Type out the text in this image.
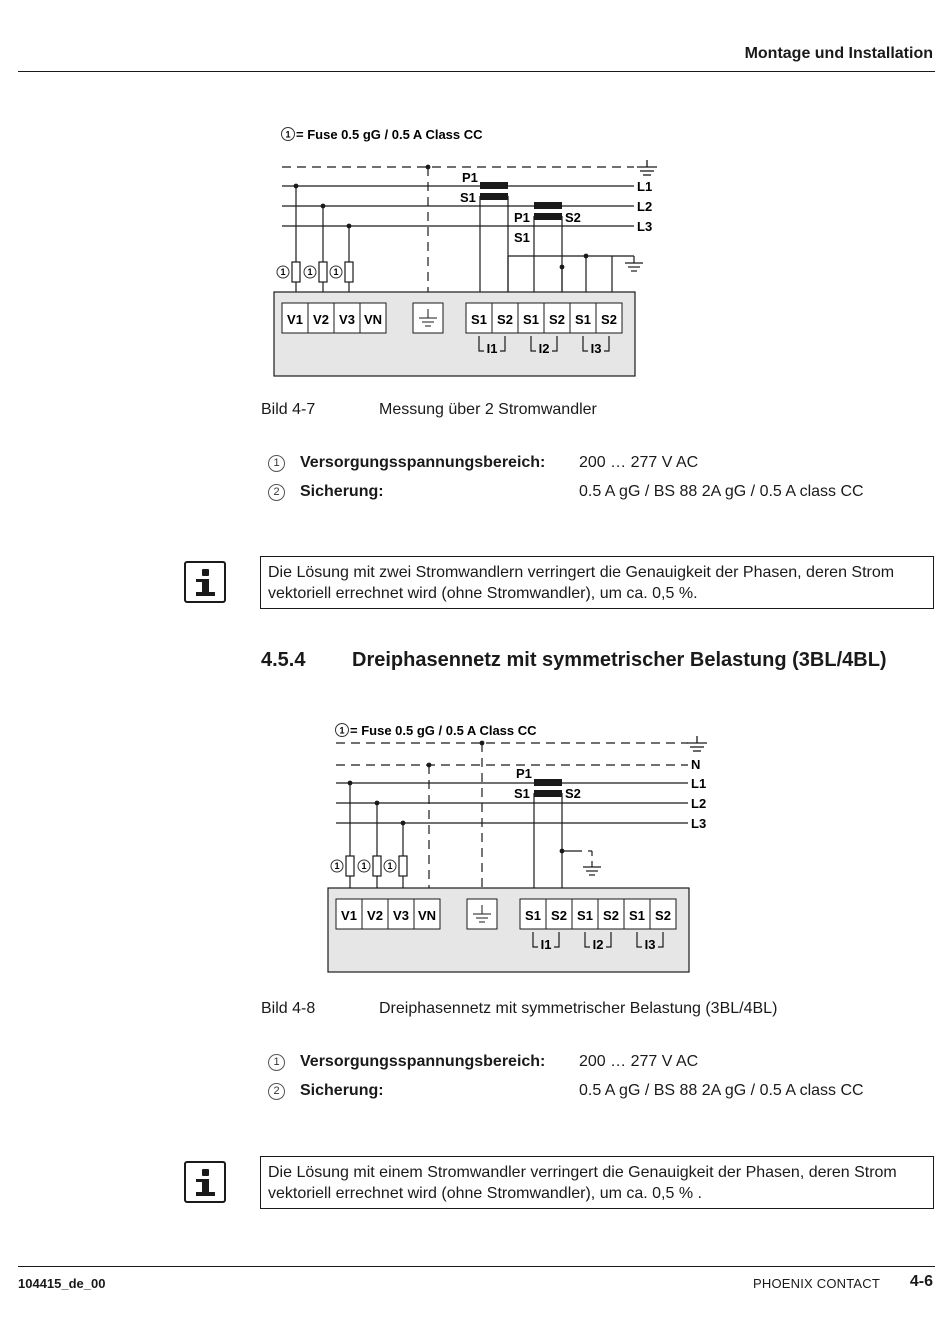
Montage und Installation
1 = Fuse 0.5 gG / 0.5 A Class CC
L1
L2
L3
P1
S1
P1	S2
S1
1 1 1
V1 V2 V3 VN	S1 S2 S1 S2 S1 S2
I1	I2	I3
Bild 4-7	Messung über 2 Stromwandler
1	Versorgungsspannungsbereich: 200 … 277 V AC
2	Sicherung:	0.5 A gG / BS 88 2A gG / 0.5 A class CC
Die Lösung mit zwei Stromwandlern verringert die Genauigkeit der Phasen, deren Strom vektoriell errechnet wird (ohne Stromwandler), um ca. 0,5 %.
4.5.4 Dreiphasennetz mit symmetrischer Belastung (3BL/4BL)
1 = Fuse 0.5 gG / 0.5 A Class CC
N
L1
L2
L3
P1
S1	S2
1 1 1
V1 V2 V3 VN	S1 S2 S1 S2 S1 S2
I1	I2	I3
Bild 4-8	Dreiphasennetz mit symmetrischer Belastung (3BL/4BL)
1	Versorgungsspannungsbereich: 200 … 277 V AC
2	Sicherung:	0.5 A gG / BS 88 2A gG / 0.5 A class CC
Die Lösung mit einem Stromwandler verringert die Genauigkeit der Phasen, deren Strom vektoriell errechnet wird (ohne Stromwandler), um ca. 0,5 % .
104415_de_00	PHOENIX CONTACT 4-6
